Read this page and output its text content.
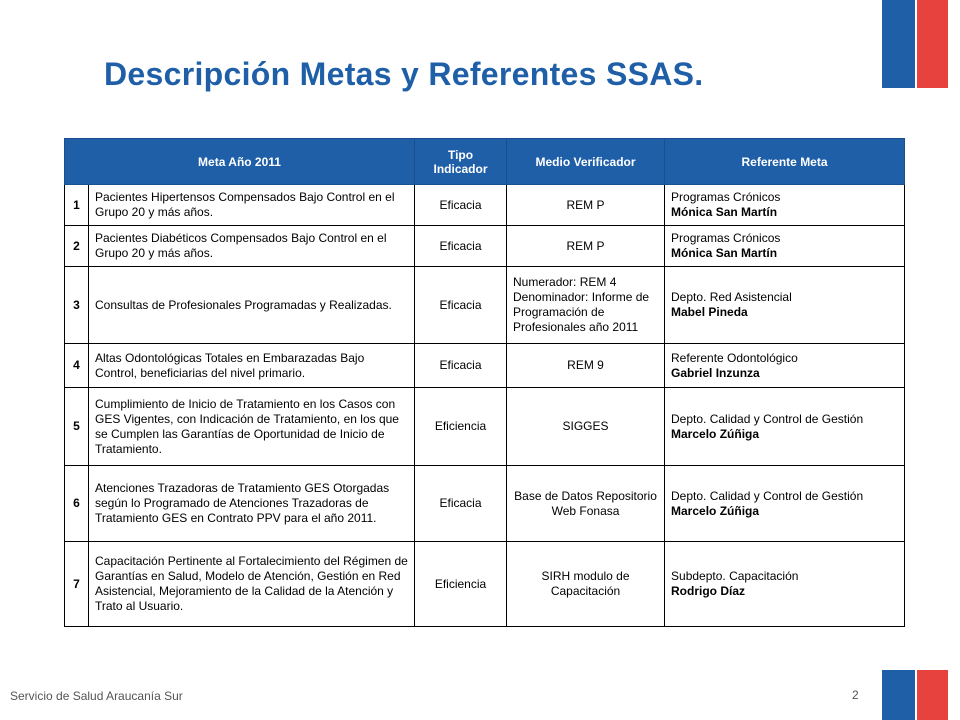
Descripción Metas y Referentes SSAS.
Meta Año 2011		Tipo Indicador	Medio Verificador	Referente Meta
1	Pacientes Hipertensos Compensados Bajo Control en el Grupo 20 y más años.	Eficacia	REM P	Programas Crónicos
Mónica San Martín

2	Pacientes Diabéticos Compensados Bajo Control en el Grupo 20 y más años.	Eficacia	REM P	Programas Crónicos
Mónica San Martín

3	Consultas de Profesionales Programadas y Realizadas.	Eficacia	Numerador: REM 4 Denominador: Informe de Programación de Profesionales año 2011	Depto. Red Asistencial
Mabel Pineda

4	Altas Odontológicas Totales en Embarazadas Bajo Control, beneficiarias del nivel primario.	Eficacia	REM 9	Referente Odontológico
Gabriel Inzunza

5	Cumplimiento de Inicio de Tratamiento en los Casos con GES Vigentes, con Indicación de Tratamiento, en los que se Cumplen las Garantías de Oportunidad de Inicio de Tratamiento.	Eficiencia	SIGGES	Depto. Calidad y Control de Gestión
Marcelo Zúñiga

6	Atenciones Trazadoras de Tratamiento GES Otorgadas según lo Programado de Atenciones Trazadoras de Tratamiento GES en Contrato PPV para el año 2011.	Eficacia	Base de Datos Repositorio Web Fonasa	Depto. Calidad y Control de Gestión
Marcelo Zúñiga

7	Capacitación Pertinente al Fortalecimiento del Régimen de Garantías en Salud, Modelo de Atención, Gestión en Red Asistencial, Mejoramiento de la Calidad de la Atención y Trato al Usuario.	Eficiencia	SIRH modulo de Capacitación	Subdepto. Capacitación
Rodrigo Díaz
Servicio de Salud Araucanía Sur	2
